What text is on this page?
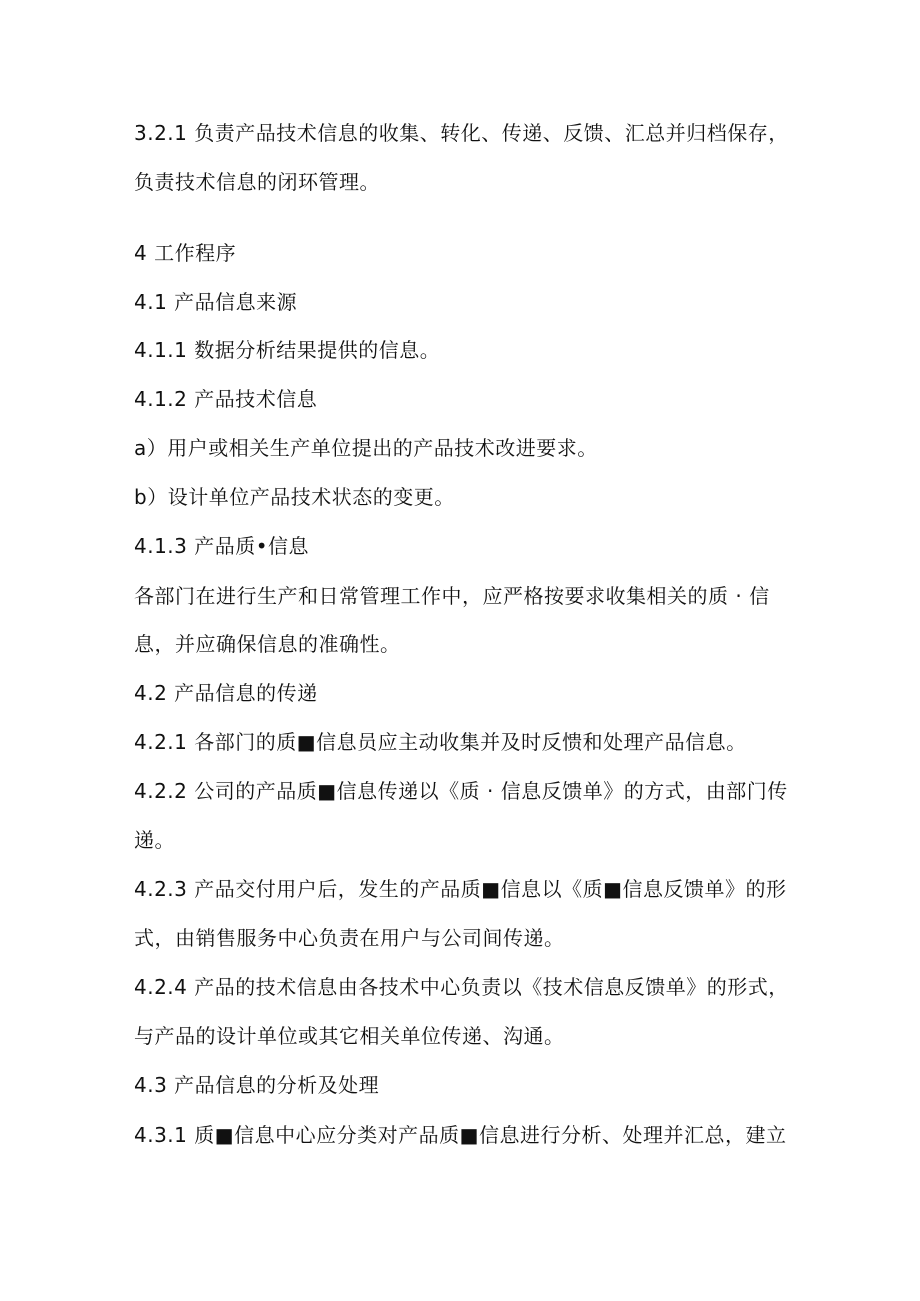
3.2.1 负责产品技术信息的收集、转化、传递、反馈、汇总并归档保存，
负责技术信息的闭环管理。
4 工作程序
4.1 产品信息来源
4.1.1 数据分析结果提供的信息。
4.1.2 产品技术信息
a）用户或相关生产单位提出的产品技术改进要求。
b）设计单位产品技术状态的变更。
4.1.3 产品质•信息
各部门在进行生产和日常管理工作中，应严格按要求收集相关的质 · 信
息，并应确保信息的准确性。
4.2 产品信息的传递
4.2.1 各部门的质■信息员应主动收集并及时反愦和处理产品信息。
4.2.2 公司的产品质■信息传递以《质 · 信息反馈单》的方式，由部门传
递。
4.2.3 产品交付用户后，发生的产品质■信息以《质■信息反馈单》的形
式，由销售服务中心负责在用户与公司间传递。
4.2.4 产品的技术信息由各技术中心负责以《技术信息反馈单》的形式，
与产品的设计单位或其它相关单位传递、沟通。
4.3 产品信息的分析及处理
4.3.1 质■信息中心应分类对产品质■信息进行分析、处理并汇总，建立
